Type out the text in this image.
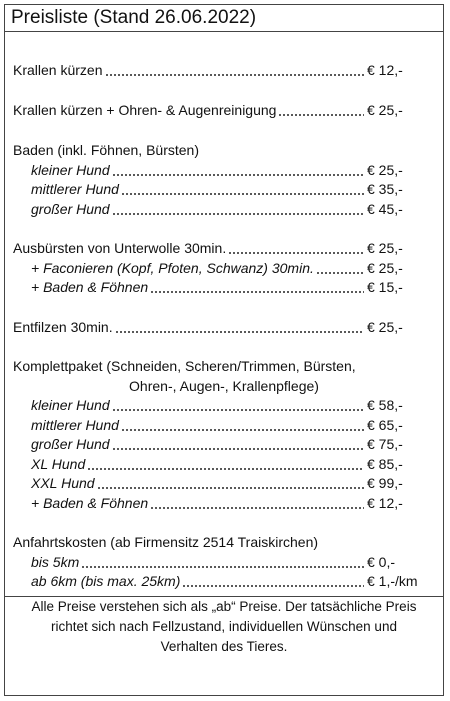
Preisliste (Stand 26.06.2022)
Krallen kürzen	€ 12,-
Krallen kürzen + Ohren- & Augenreinigung	€ 25,-
Baden (inkl. Föhnen, Bürsten)
kleiner Hund	€ 25,-
mittlerer Hund	€ 35,-
großer Hund	€ 45,-
Ausbürsten von Unterwolle 30min.	€ 25,-
+ Faconieren (Kopf, Pfoten, Schwanz) 30min.	€ 25,-
+ Baden & Föhnen	€ 15,-
Entfilzen 30min.	€ 25,-
Komplettpaket (Schneiden, Scheren/Trimmen, Bürsten,
Ohren-, Augen-, Krallenpflege)
kleiner Hund	€ 58,-
mittlerer Hund	€ 65,-
großer Hund	€ 75,-
XL Hund	€ 85,-
XXL Hund	€ 99,-
+ Baden & Föhnen	€ 12,-
Anfahrtskosten (ab Firmensitz 2514 Traiskirchen)
bis 5km	€ 0,-
ab 6km (bis max. 25km)	€ 1,-/km
Alle Preise verstehen sich als „ab“ Preise. Der tatsächliche Preis
richtet sich nach Fellzustand, individuellen Wünschen und
Verhalten des Tieres.
